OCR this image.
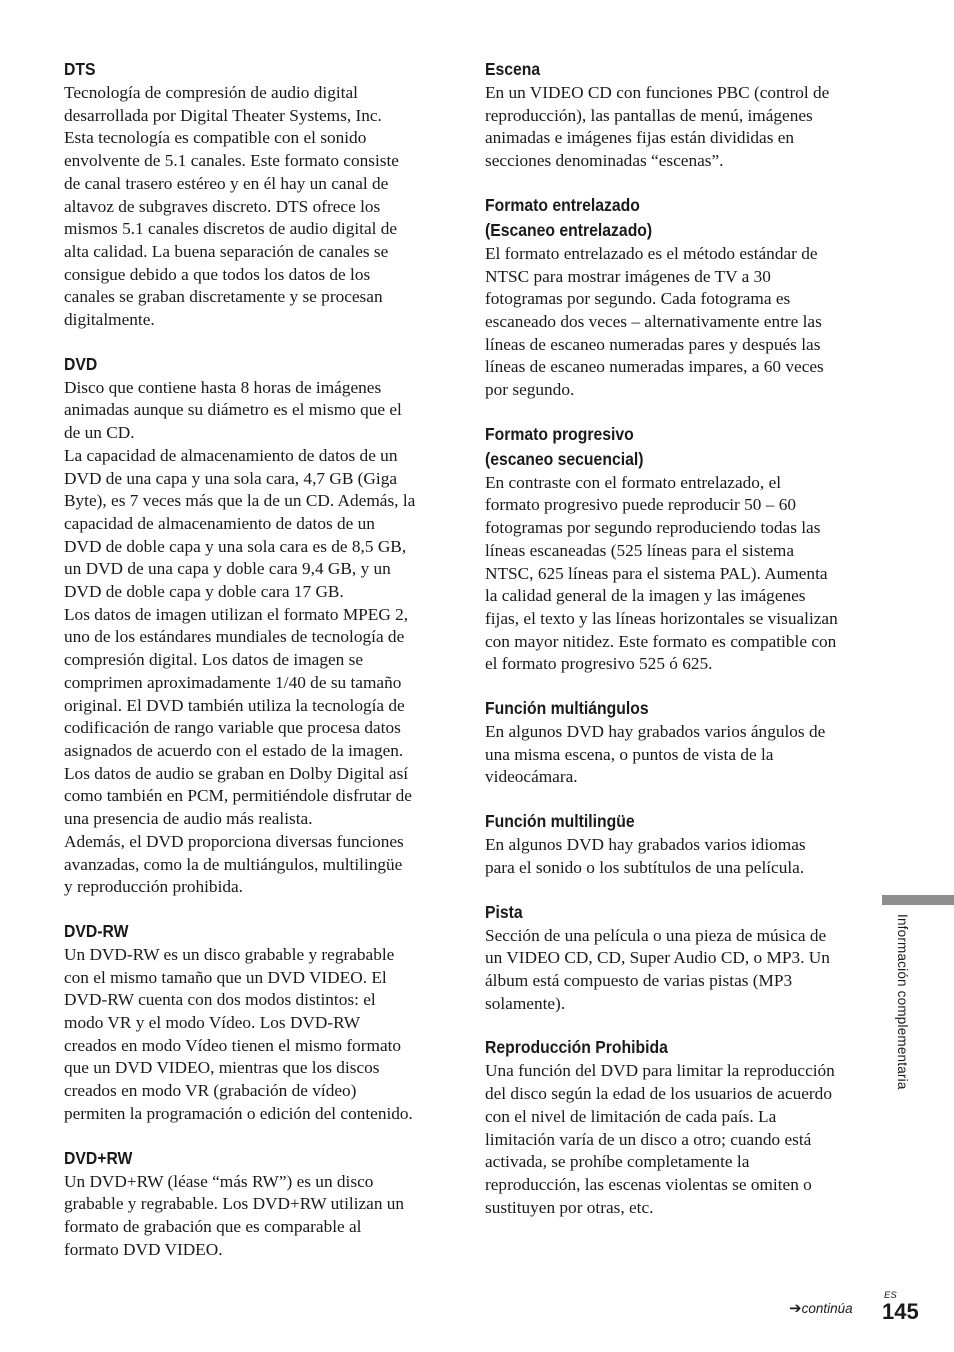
DTS

Tecnología de compresión de audio digital
desarrollada por Digital Theater Systems, Inc.
Esta tecnología es compatible con el sonido
envolvente de 5.1 canales. Este formato consiste
de canal trasero estéreo y en él hay un canal de
altavoz de subgraves discreto. DTS ofrece los
mismos 5.1 canales discretos de audio digital de
alta calidad. La buena separación de canales se
consigue debido a que todos los datos de los
canales se graban discretamente y se procesan
digitalmente.

DVD

Disco que contiene hasta 8 horas de imágenes
animadas aunque su diámetro es el mismo que el
de un CD.
La capacidad de almacenamiento de datos de un
DVD de una capa y una sola cara, 4,7 GB (Giga
Byte), es 7 veces más que la de un CD. Además, la
capacidad de almacenamiento de datos de un
DVD de doble capa y una sola cara es de 8,5 GB,
un DVD de una capa y doble cara 9,4 GB, y un
DVD de doble capa y doble cara 17 GB.
Los datos de imagen utilizan el formato MPEG 2,
uno de los estándares mundiales de tecnología de
compresión digital. Los datos de imagen se
comprimen aproximadamente 1/40 de su tamaño
original. El DVD también utiliza la tecnología de
codificación de rango variable que procesa datos
asignados de acuerdo con el estado de la imagen.
Los datos de audio se graban en Dolby Digital así
como también en PCM, permitiéndole disfrutar de
una presencia de audio más realista.
Además, el DVD proporciona diversas funciones
avanzadas, como la de multiángulos, multilingüe
y reproducción prohibida.

DVD-RW

Un DVD-RW es un disco grabable y regrabable
con el mismo tamaño que un DVD VIDEO. El
DVD-RW cuenta con dos modos distintos: el
modo VR y el modo Vídeo. Los DVD-RW
creados en modo Vídeo tienen el mismo formato
que un DVD VIDEO, mientras que los discos
creados en modo VR (grabación de vídeo)
permiten la programación o edición del contenido.

DVD+RW

Un DVD+RW (léase “más RW”) es un disco
grabable y regrabable. Los DVD+RW utilizan un
formato de grabación que es comparable al
formato DVD VIDEO.

Escena

En un VIDEO CD con funciones PBC (control de
reproducción), las pantallas de menú, imágenes
animadas e imágenes fijas están divididas en
secciones denominadas “escenas”.

Formato entrelazado
(Escaneo entrelazado)

El formato entrelazado es el método estándar de
NTSC para mostrar imágenes de TV a 30
fotogramas por segundo. Cada fotograma es
escaneado dos veces – alternativamente entre las
líneas de escaneo numeradas pares y después las
líneas de escaneo numeradas impares, a 60 veces
por segundo.

Formato progresivo
(escaneo secuencial)

En contraste con el formato entrelazado, el
formato progresivo puede reproducir 50 – 60
fotogramas por segundo reproduciendo todas las
líneas escaneadas (525 líneas para el sistema
NTSC, 625 líneas para el sistema PAL). Aumenta
la calidad general de la imagen y las imágenes
fijas, el texto y las líneas horizontales se visualizan
con mayor nitidez. Este formato es compatible con
el formato progresivo 525 ó 625.

Función multiángulos

En algunos DVD hay grabados varios ángulos de
una misma escena, o puntos de vista de la
videocámara.

Función multilingüe

En algunos DVD hay grabados varios idiomas
para el sonido o los subtítulos de una película.

Pista

Sección de una película o una pieza de música de
un VIDEO CD, CD, Super Audio CD, o MP3. Un
álbum está compuesto de varias pistas (MP3
solamente).

Reproducción Prohibida

Una función del DVD para limitar la reproducción
del disco según la edad de los usuarios de acuerdo
con el nivel de limitación de cada país. La
limitación varía de un disco a otro; cuando está
activada, se prohíbe completamente la
reproducción, las escenas violentas se omiten o
sustituyen por otras, etc.

Información complementaria
➔continúa
ES
145
